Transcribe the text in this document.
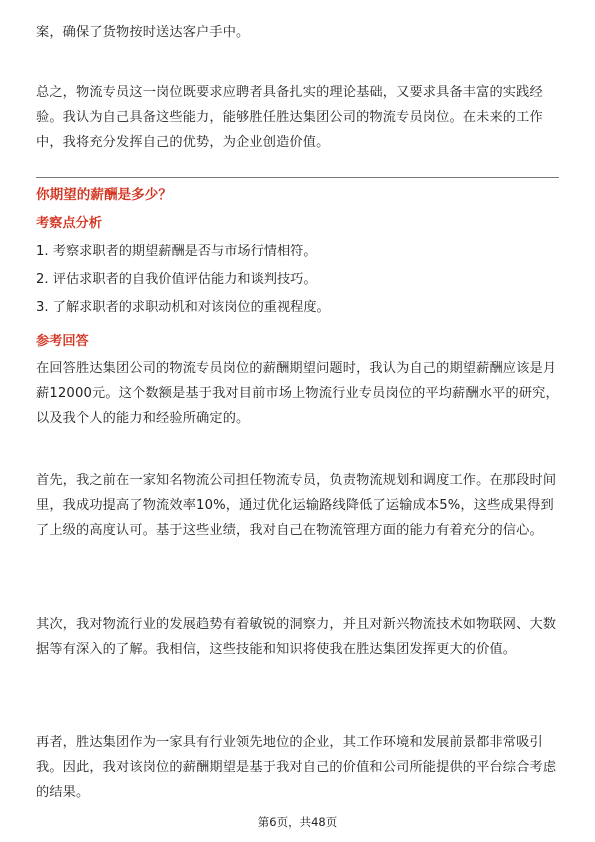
案，确保了货物按时送达客户手中。

总之，物流专员这一岗位既要求应聘者具备扎实的理论基础，又要求具备丰富的实践经验。我认为自己具备这些能力，能够胜任胜达集团公司的物流专员岗位。在未来的工作中，我将充分发挥自己的优势，为企业创造价值。

你期望的薪酬是多少？

考察点分析

1. 考察求职者的期望薪酬是否与市场行情相符。

2. 评估求职者的自我价值评估能力和谈判技巧。

3. 了解求职者的求职动机和对该岗位的重视程度。

参考回答

在回答胜达集团公司的物流专员岗位的薪酬期望问题时，我认为自己的期望薪酬应该是月薪12000元。这个数额是基于我对目前市场上物流行业专员岗位的平均薪酬水平的研究，以及我个人的能力和经验所确定的。

首先，我之前在一家知名物流公司担任物流专员，负责物流规划和调度工作。在那段时间里，我成功提高了物流效率10%，通过优化运输路线降低了运输成本5%，这些成果得到了上级的高度认可。基于这些业绩，我对自己在物流管理方面的能力有着充分的信心。

其次，我对物流行业的发展趋势有着敏锐的洞察力，并且对新兴物流技术如物联网、大数据等有深入的了解。我相信，这些技能和知识将使我在胜达集团发挥更大的价值。

再者，胜达集团作为一家具有行业领先地位的企业，其工作环境和发展前景都非常吸引我。因此，我对该岗位的薪酬期望是基于我对自己的价值和公司所能提供的平台综合考虑的结果。

第6页，共48页
